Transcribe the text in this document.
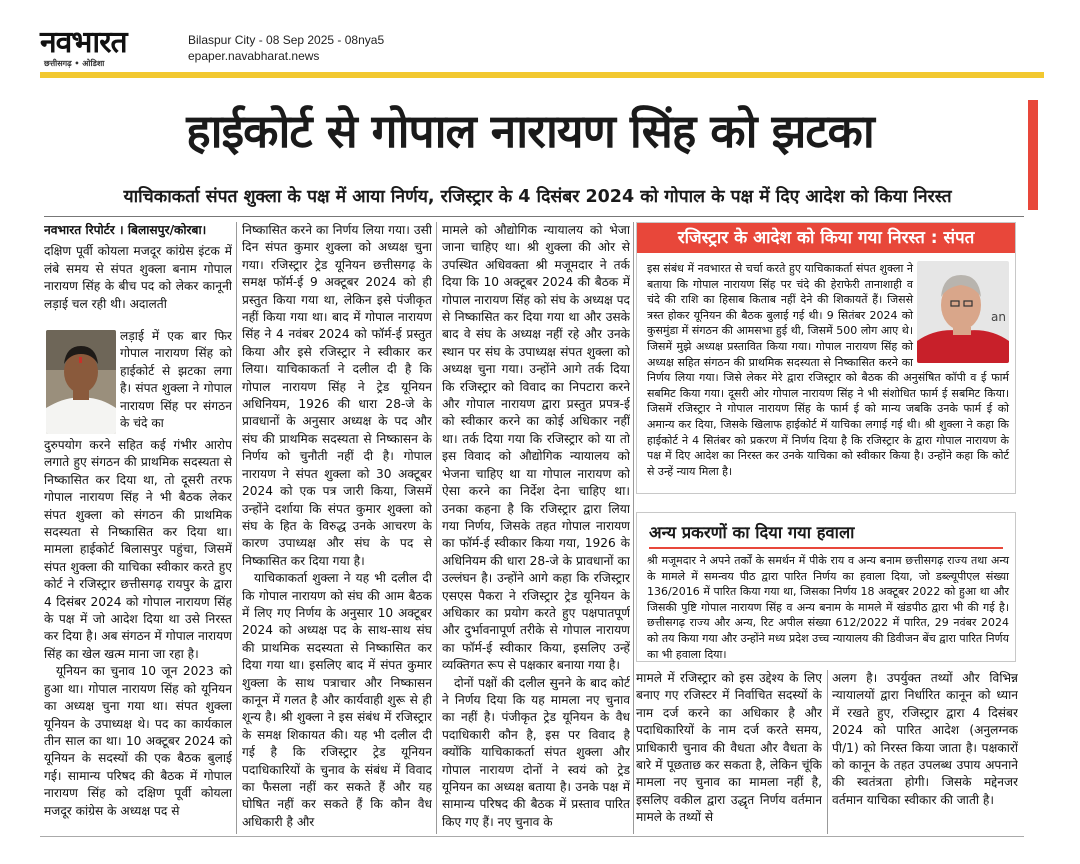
नवभारत
छत्तीसगढ़ • ओडिशा
Bilaspur City - 08 Sep 2025 - 08nya5
epaper.navabharat.news
हाईकोर्ट से गोपाल नारायण सिंह को झटका
याचिकाकर्ता संपत शुक्ला के पक्ष में आया निर्णय, रजिस्ट्रार के 4 दिसंबर 2024 को गोपाल के पक्ष में दिए आदेश को किया निरस्त

नवभारत रिपोर्टर । बिलासपुर/कोरबा।

दक्षिण पूर्वी कोयला मजदूर कांग्रेस इंटक में लंबे समय से संपत शुक्ला बनाम गोपाल नारायण सिंह के बीच पद को लेकर कानूनी लड़ाई चल रही थी। अदालती

लड़ाई में एक बार फिर गोपाल नारायण सिंह को हाईकोर्ट से झटका लगा है। संपत शुक्ला ने गोपाल नारायण सिंह पर संगठन के चंदे का

दुरुपयोग करने सहित कई गंभीर आरोप लगाते हुए संगठन की प्राथमिक सदस्यता से निष्कासित कर दिया था, तो दूसरी तरफ गोपाल नारायण सिंह ने भी बैठक लेकर संपत शुक्ला को संगठन की प्राथमिक सदस्यता से निष्कासित कर दिया था। मामला हाईकोर्ट बिलासपुर पहुंचा, जिसमें संपत शुक्ला की याचिका स्वीकार करते हुए कोर्ट ने रजिस्ट्रार छत्तीसगढ़ रायपुर के द्वारा 4 दिसंबर 2024 को गोपाल नारायण सिंह के पक्ष में जो आदेश दिया था उसे निरस्त कर दिया है। अब संगठन में गोपाल नारायण सिंह का खेल खत्म माना जा रहा है।

यूनियन का चुनाव 10 जून 2023 को हुआ था। गोपाल नारायण सिंह को यूनियन का अध्यक्ष चुना गया था। संपत शुक्ला यूनियन के उपाध्यक्ष थे। पद का कार्यकाल तीन साल का था। 10 अक्टूबर 2024 को यूनियन के सदस्यों की एक बैठक बुलाई गई। सामान्य परिषद की बैठक में गोपाल नारायण सिंह को दक्षिण पूर्वी कोयला मजदूर कांग्रेस के अध्यक्ष पद से

निष्कासित करने का निर्णय लिया गया। उसी दिन संपत कुमार शुक्ला को अध्यक्ष चुना गया। रजिस्ट्रार ट्रेड यूनियन छत्तीसगढ़ के समक्ष फॉर्म-ई 9 अक्टूबर 2024 को ही प्रस्तुत किया गया था, लेकिन इसे पंजीकृत नहीं किया गया था। बाद में गोपाल नारायण सिंह ने 4 नवंबर 2024 को फॉर्म-ई प्रस्तुत किया और इसे रजिस्ट्रार ने स्वीकार कर लिया। याचिकाकर्ता ने दलील दी है कि गोपाल नारायण सिंह ने ट्रेड यूनियन अधिनियम, 1926 की धारा 28-जे के प्रावधानों के अनुसार अध्यक्ष के पद और संघ की प्राथमिक सदस्यता से निष्कासन के निर्णय को चुनौती नहीं दी है। गोपाल नारायण ने संपत शुक्ला को 30 अक्टूबर 2024 को एक पत्र जारी किया, जिसमें उन्होंने दर्शाया कि संपत कुमार शुक्ला को संघ के हित के विरुद्ध उनके आचरण के कारण उपाध्यक्ष और संघ के पद से निष्कासित कर दिया गया है।

याचिकाकर्ता शुक्ला ने यह भी दलील दी कि गोपाल नारायण को संघ की आम बैठक में लिए गए निर्णय के अनुसार 10 अक्टूबर 2024 को अध्यक्ष पद के साथ-साथ संघ की प्राथमिक सदस्यता से निष्कासित कर दिया गया था। इसलिए बाद में संपत कुमार शुक्ला के साथ पत्राचार और निष्कासन कानून में गलत है और कार्यवाही शुरू से ही शून्य है। श्री शुक्ला ने इस संबंध में रजिस्ट्रार के समक्ष शिकायत की। यह भी दलील दी गई है कि रजिस्ट्रार ट्रेड यूनियन पदाधिकारियों के चुनाव के संबंध में विवाद का फैसला नहीं कर सकते हैं और यह घोषित नहीं कर सकते हैं कि कौन वैध अधिकारी है और

मामले को औद्योगिक न्यायालय को भेजा जाना चाहिए था। श्री शुक्ला की ओर से उपस्थित अधिवक्ता श्री मजूमदार ने तर्क दिया कि 10 अक्टूबर 2024 की बैठक में गोपाल नारायण सिंह को संघ के अध्यक्ष पद से निष्कासित कर दिया गया था और उसके बाद वे संघ के अध्यक्ष नहीं रहे और उनके स्थान पर संघ के उपाध्यक्ष संपत शुक्ला को अध्यक्ष चुना गया। उन्होंने आगे तर्क दिया कि रजिस्ट्रार को विवाद का निपटारा करने और गोपाल नारायण द्वारा प्रस्तुत प्रपत्र-ई को स्वीकार करने का कोई अधिकार नहीं था। तर्क दिया गया कि रजिस्ट्रार को या तो इस विवाद को औद्योगिक न्यायालय को भेजना चाहिए था या गोपाल नारायण को ऐसा करने का निर्देश देना चाहिए था। उनका कहना है कि रजिस्ट्रार द्वारा लिया गया निर्णय, जिसके तहत गोपाल नारायण का फॉर्म-ई स्वीकार किया गया, 1926 के अधिनियम की धारा 28-जे के प्रावधानों का उल्लंघन है। उन्होंने आगे कहा कि रजिस्ट्रार एसएस पैकरा ने रजिस्ट्रार ट्रेड यूनियन के अधिकार का प्रयोग करते हुए पक्षपातपूर्ण और दुर्भावनापूर्ण तरीके से गोपाल नारायण का फॉर्म-ई स्वीकार किया, इसलिए उन्हें व्यक्तिगत रूप से पक्षकार बनाया गया है।

दोनों पक्षों की दलील सुनने के बाद कोर्ट ने निर्णय दिया कि यह मामला नए चुनाव का नहीं है। पंजीकृत ट्रेड यूनियन के वैध पदाधिकारी कौन है, इस पर विवाद है क्योंकि याचिकाकर्ता संपत शुक्ला और गोपाल नारायण दोनों ने स्वयं को ट्रेड यूनियन का अध्यक्ष बताया है। उनके पक्ष में सामान्य परिषद की बैठक में प्रस्ताव पारित किए गए हैं। नए चुनाव के

रजिस्ट्रार के आदेश को किया गया निरस्त : संपत
an
इस संबंध में नवभारत से चर्चा करते हुए याचिकाकर्ता संपत शुक्ला ने बताया कि गोपाल नारायण सिंह पर चंदे की हेराफेरी तानाशाही व चंदे की राशि का हिसाब किताब नहीं देने की शिकायतें हैं। जिससे त्रस्त होकर यूनियन की बैठक बुलाई गई थी। 9 सितंबर 2024 को कुसमुंडा में संगठन की आमसभा हुई थी, जिसमें 500 लोग आए थे। जिसमें मुझे अध्यक्ष प्रस्तावित किया गया। गोपाल नारायण सिंह को अध्यक्ष सहित संगठन की प्राथमिक सदस्यता से निष्कासित करने का निर्णय लिया गया। जिसे लेकर मेरे द्वारा रजिस्ट्रार को बैठक की अनुसंषित कॉपी व ई फार्म सबमिट किया गया। दूसरी ओर गोपाल नारायण सिंह ने भी संशोधित फार्म ई सबमिट किया। जिसमें रजिस्ट्रार ने गोपाल नारायण सिंह के फार्म ई को मान्य जबकि उनके फार्म ई को अमान्य कर दिया, जिसके खिलाफ हाईकोर्ट में याचिका लगाई गई थी। श्री शुक्ला ने कहा कि हाईकोर्ट ने 4 सितंबर को प्रकरण में निर्णय दिया है कि रजिस्ट्रार के द्वारा गोपाल नारायण के पक्ष में दिए आदेश का निरस्त कर उनके याचिका को स्वीकार किया है। उन्होंने कहा कि कोर्ट से उन्हें न्याय मिला है।
अन्य प्रकरणों का दिया गया हवाला
श्री मजूमदार ने अपने तर्कों के समर्थन में पीके राय व अन्य बनाम छत्तीसगढ़ राज्य तथा अन्य के मामले में समन्वय पीठ द्वारा पारित निर्णय का हवाला दिया, जो डब्ल्यूपीएल संख्या 136/2016 में पारित किया गया था, जिसका निर्णय 18 अक्टूबर 2022 को हुआ था और जिसकी पुष्टि गोपाल नारायण सिंह व अन्य बनाम के मामले में खंडपीठ द्वारा भी की गई है। छत्तीसगढ़ राज्य और अन्य, रिट अपील संख्या 612/2022 में पारित, 29 नवंबर 2024 को तय किया गया और उन्होंने मध्य प्रदेश उच्च न्यायालय की डिवीजन बेंच द्वारा पारित निर्णय का भी हवाला दिया।

मामले में रजिस्ट्रार को इस उद्देश्य के लिए बनाए गए रजिस्टर में निर्वाचित सदस्यों के नाम दर्ज करने का अधिकार है और पदाधिकारियों के नाम दर्ज करते समय, प्राधिकारी चुनाव की वैधता और वैधता के बारे में पूछताछ कर सकता है, लेकिन चूंकि मामला नए चुनाव का मामला नहीं है, इसलिए वकील द्वारा उद्धृत निर्णय वर्तमान मामले के तथ्यों से

अलग है। उपर्युक्त तथ्यों और विभिन्न न्यायालयों द्वारा निर्धारित कानून को ध्यान में रखते हुए, रजिस्ट्रार द्वारा 4 दिसंबर 2024 को पारित आदेश (अनुलग्नक पी/1) को निरस्त किया जाता है। पक्षकारों को कानून के तहत उपलब्ध उपाय अपनाने की स्वतंत्रता होगी। जिसके मद्देनजर वर्तमान याचिका स्वीकार की जाती है।
